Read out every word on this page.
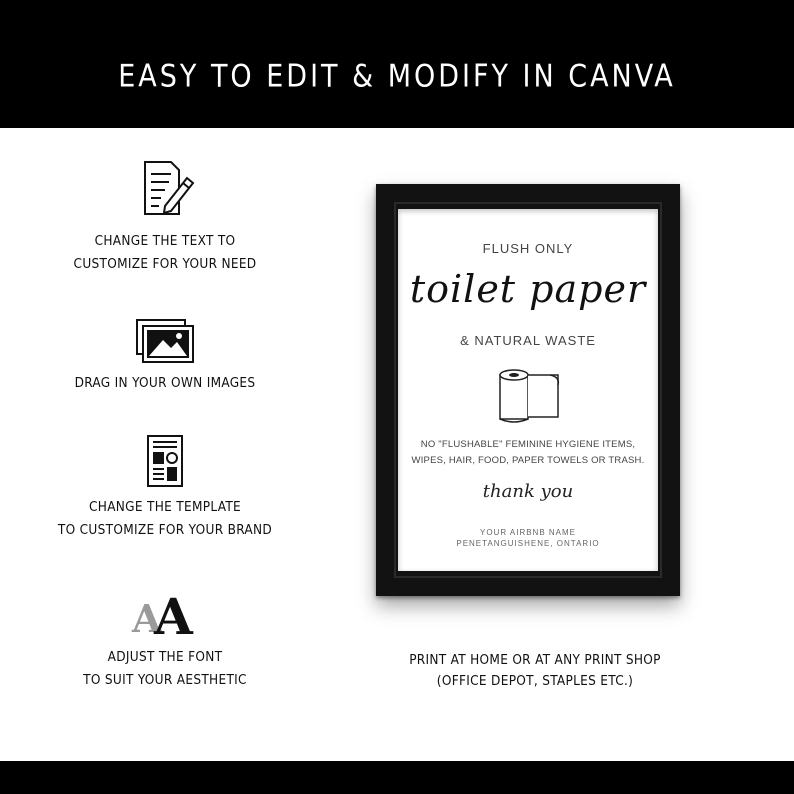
EASY TO EDIT & MODIFY IN CANVA
CHANGE THE TEXT TO
CUSTOMIZE FOR YOUR NEED
DRAG IN YOUR OWN IMAGES
CHANGE THE TEMPLATE
TO CUSTOMIZE FOR YOUR BRAND
A
A
ADJUST THE FONT
TO SUIT YOUR AESTHETIC
FLUSH ONLY
toilet paper
& NATURAL WASTE
NO "FLUSHABLE" FEMININE HYGIENE ITEMS,
WIPES, HAIR, FOOD, PAPER TOWELS OR TRASH.
thank you
YOUR AIRBNB NAME
PENETANGUISHENE, ONTARIO
PRINT AT HOME OR AT ANY PRINT SHOP
(OFFICE DEPOT, STAPLES ETC.)
